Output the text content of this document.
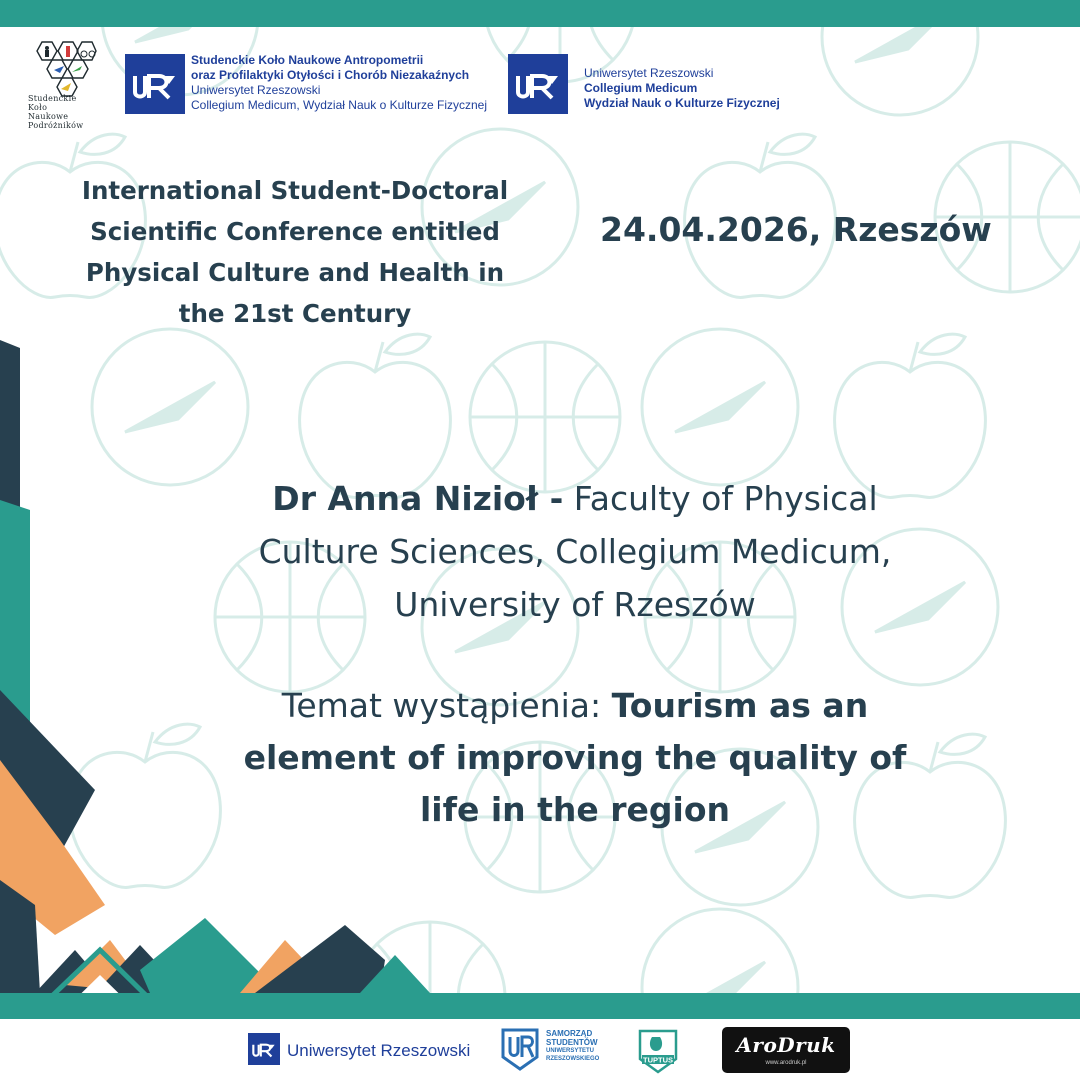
Studenckie
Koło
Naukowe
Podróżników
Studenckie Koło Naukowe Antropometrii
oraz Profilaktyki Otyłości i Chorób Niezakaźnych
Uniwersytet Rzeszowski
Collegium Medicum, Wydział Nauk o Kulturze Fizycznej
Uniwersytet Rzeszowski
Collegium Medicum
Wydział Nauk o Kulturze Fizycznej
International Student-Doctoral
Scientific Conference entitled
Physical Culture and Health in
the 21st Century
24.04.2026, Rzeszów
Dr Anna Nizioł - Faculty of Physical
Culture Sciences, Collegium Medicum,
University of Rzeszów
Temat wystąpienia: Tourism as an
element of improving the quality of
life in the region
Uniwersytet Rzeszowski
SAMORZĄD
STUDENTÓW
UNIWERSYTETU
RZESZOWSKIEGO	TUPTUS
AroDruk
www.arodruk.pl
